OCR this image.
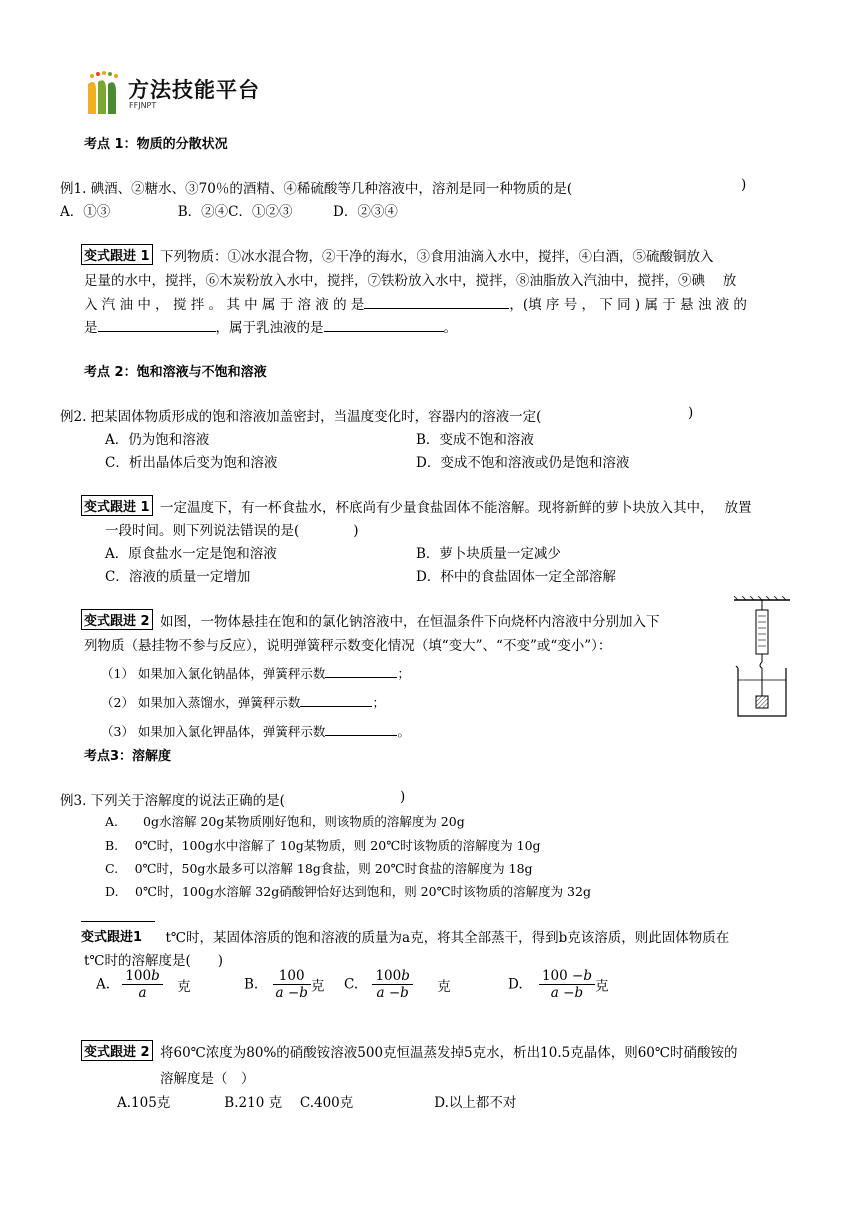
方法技能平台
FFJNPT
考点 1：物质的分散状况
例1. 碘酒、②糖水、③70％的酒精、④稀硫酸等几种溶液中，溶剂是同一种物质的是(	)
A．①③　　　　　B．②④C．①②③　　　D．②③④
变式跟进 1 下列物质：①冰水混合物，②干净的海水，③食用油滴入水中，搅拌，④白酒，⑤硫酸铜放入
足量的水中，搅拌，⑥木炭粉放入水中，搅拌，⑦铁粉放入水中，搅拌，⑧油脂放入汽油中，搅拌，⑨碘　 放
入 汽 油 中 ， 搅 拌 。 其 中 属 于 溶 液 的 是	，(填 序 号 ， 下 同 ) 属 于 悬 浊 液 的
是	，属于乳浊液的是	。
考点 2：饱和溶液与不饱和溶液
例2. 把某固体物质形成的饱和溶液加盖密封，当温度变化时，容器内的溶液一定(	)
A．仍为饱和溶液	B．变成不饱和溶液
C．析出晶体后变为饱和溶液	D．变成不饱和溶液或仍是饱和溶液
变式跟进 1 一定温度下，有一杯食盐水，杯底尚有少量食盐固体不能溶解。现将新鲜的萝卜块放入其中，　 放置
一段时间。则下列说法错误的是(　　　　)
A．原食盐水一定是饱和溶液	B．萝卜块质量一定减少
C．溶液的质量一定增加	D．杯中的食盐固体一定全部溶解
变式跟进 2 如图，一物体悬挂在饱和的氯化钠溶液中，在恒温条件下向烧杯内溶液中分别加入下
列物质（悬挂物不参与反应），说明弹簧秤示数变化情况（填“变大”、“不变”或“变小”）：
（1） 如果加入氯化钠晶体，弹簧秤示数	；
（2） 如果加入蒸馏水，弹簧秤示数	；
（3） 如果加入氯化钾晶体，弹簧秤示数	。
考点3：溶解度
例3. 下列关于溶解度的说法正确的是(	)
A.　　0g水溶解 20g某物质刚好饱和，则该物质的溶解度为 20g
B.　 0℃时，100g水中溶解了 10g某物质，则 20℃时该物质的溶解度为 10g
C.　 0℃时，50g水最多可以溶解 18g食盐，则 20℃时食盐的溶解度为 18g
D.　 0℃时，100g水溶解 32g硝酸钾恰好达到饱和，则 20℃时该物质的溶解度为 32g
变式跟进1 　t℃时，某固体溶质的饱和溶液的质量为a克，将其全部蒸干，得到b克该溶质，则此固体物质在
t℃时的溶解度是(　　)
A. $\frac{100b}{a}$ 克	B. $\frac{100}{a -b}$ 克 C. $\frac{100b}{a -b}$ 克	D. $\frac{100 -b}{a -b}$ 克
变式跟进 2 将60℃浓度为80%的硝酸铵溶液500克恒温蒸发掉5克水，析出10.5克晶体，则60℃时硝酸铵的
溶解度是（　）
A.105克　　　　B.210 克　 C.400克　　　　　　D.以上都不对
